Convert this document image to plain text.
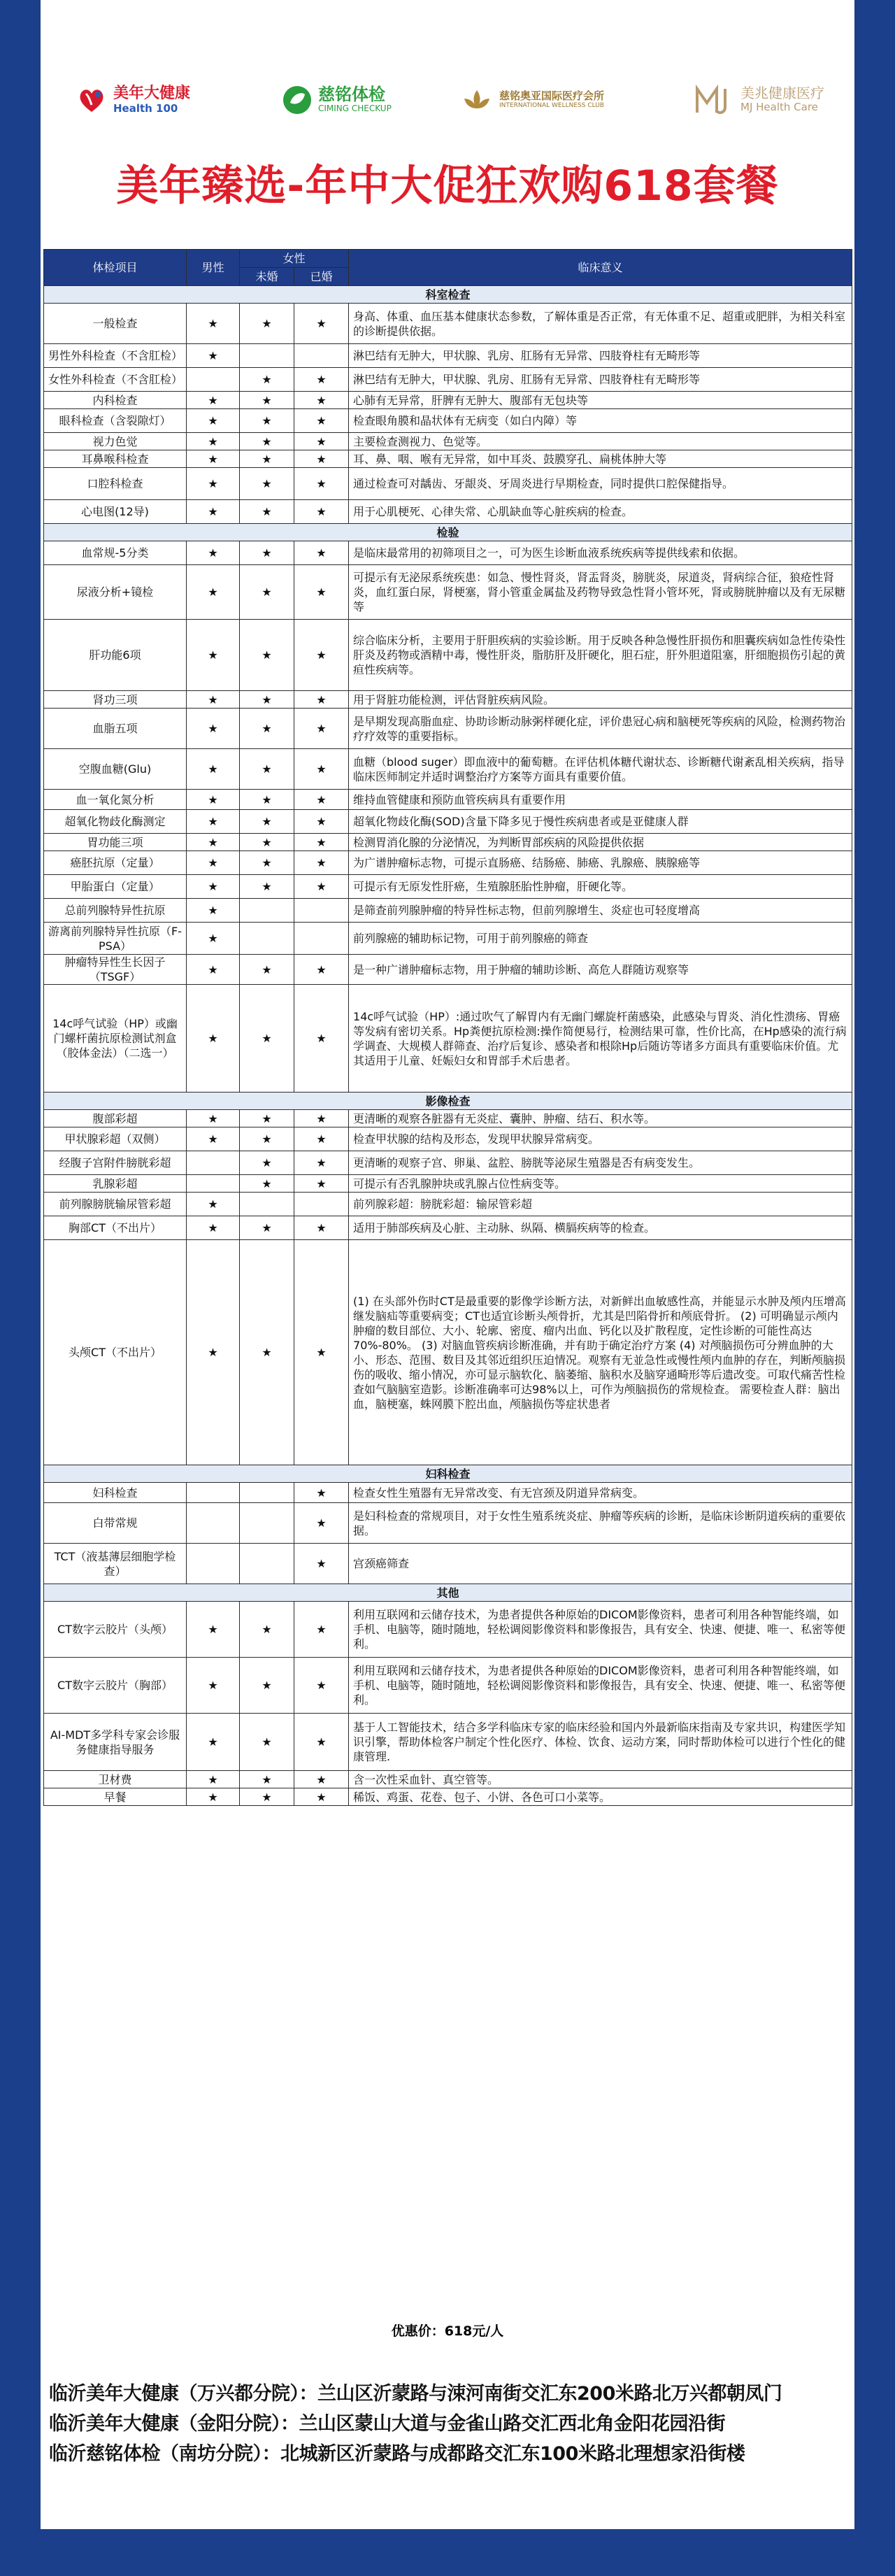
美年大健康
Health 100
慈铭体检
CIMING CHECKUP
慈铭奥亚国际医疗会所
INTERNATIONAL WELLNESS CLUB
美兆健康医疗
MJ Health Care
美年臻选-年中大促狂欢购618套餐
体检项目	男性	女性		临床意义
		未婚	已婚	
科室检查				
一般检查	★	★	★	身高、体重、血压基本健康状态参数，了解体重是否正常，有无体重不足、超重或肥胖，为相关科室的诊断提供依据。
男性外科检查（不含肛检）	★			淋巴结有无肿大，甲状腺、乳房、肛肠有无异常、四肢脊柱有无畸形等
女性外科检查（不含肛检）		★	★	淋巴结有无肿大，甲状腺、乳房、肛肠有无异常、四肢脊柱有无畸形等
内科检查	★	★	★	心肺有无异常，肝脾有无肿大、腹部有无包块等
眼科检查（含裂隙灯）	★	★	★	检查眼角膜和晶状体有无病变（如白内障）等
视力色觉	★	★	★	主要检查测视力、色觉等。
耳鼻喉科检查	★	★	★	耳、鼻、咽、喉有无异常，如中耳炎、鼓膜穿孔、扁桃体肿大等
口腔科检查	★	★	★	通过检查可对龋齿、牙龈炎、牙周炎进行早期检查，同时提供口腔保健指导。
心电图(12导)	★	★	★	用于心肌梗死、心律失常、心肌缺血等心脏疾病的检查。
检验				
血常规-5分类	★	★	★	是临床最常用的初筛项目之一，可为医生诊断血液系统疾病等提供线索和依据。
尿液分析+镜检	★	★	★	可提示有无泌尿系统疾患：如急、慢性肾炎，肾盂肾炎，膀胱炎，尿道炎，肾病综合征，狼疮性肾炎，血红蛋白尿，肾梗塞，肾小管重金属盐及药物导致急性肾小管坏死，肾或膀胱肿瘤以及有无尿糖等
肝功能6项	★	★	★	综合临床分析，主要用于肝胆疾病的实验诊断。用于反映各种急慢性肝损伤和胆囊疾病如急性传染性肝炎及药物或酒精中毒，慢性肝炎，脂肪肝及肝硬化，胆石症，肝外胆道阻塞，肝细胞损伤引起的黄疸性疾病等。
肾功三项	★	★	★	用于肾脏功能检测，评估肾脏疾病风险。
血脂五项	★	★	★	是早期发现高脂血症、协助诊断动脉粥样硬化症，评价患冠心病和脑梗死等疾病的风险，检测药物治疗疗效等的重要指标。
空腹血糖(Glu)	★	★	★	血糖（blood suger）即血液中的葡萄糖。在评估机体糖代谢状态、诊断糖代谢紊乱相关疾病，指导临床医师制定并适时调整治疗方案等方面具有重要价值。
血一氧化氮分析	★	★	★	维持血管健康和预防血管疾病具有重要作用
超氧化物歧化酶测定	★	★	★	超氧化物歧化酶(SOD)含量下降多见于慢性疾病患者或是亚健康人群
胃功能三项	★	★	★	检测胃消化腺的分泌情况，为判断胃部疾病的风险提供依据
癌胚抗原（定量）	★	★	★	为广谱肿瘤标志物，可提示直肠癌、结肠癌、肺癌、乳腺癌、胰腺癌等
甲胎蛋白（定量）	★	★	★	可提示有无原发性肝癌，生殖腺胚胎性肿瘤，肝硬化等。
总前列腺特异性抗原	★			是筛查前列腺肿瘤的特异性标志物，但前列腺增生、炎症也可轻度增高
游离前列腺特异性抗原（F-PSA）	★			前列腺癌的辅助标记物，可用于前列腺癌的筛查
肿瘤特异性生长因子（TSGF）	★	★	★	是一种广谱肿瘤标志物，用于肿瘤的辅助诊断、高危人群随访观察等
14c呼气试验（HP）或幽门螺杆菌抗原检测试剂盒（胶体金法）（二选一）	★	★	★	14c呼气试验（HP）:通过吹气了解胃内有无幽门螺旋杆菌感染，此感染与胃炎、消化性溃疡、胃癌等发病有密切关系。Hp粪便抗原检测:操作简便易行，检测结果可靠，性价比高，在Hp感染的流行病学调查、大规模人群筛查、治疗后复诊、感染者和根除Hp后随访等诸多方面具有重要临床价值。尤其适用于儿童、妊娠妇女和胃部手术后患者。
影像检查				
腹部彩超	★	★	★	更清晰的观察各脏器有无炎症、囊肿、肿瘤、结石、积水等。
甲状腺彩超（双侧）	★	★	★	检查甲状腺的结构及形态，发现甲状腺异常病变。
经腹子宫附件膀胱彩超		★	★	更清晰的观察子宫、卵巢、盆腔、膀胱等泌尿生殖器是否有病变发生。
乳腺彩超		★	★	可提示有否乳腺肿块或乳腺占位性病变等。
前列腺膀胱输尿管彩超	★			前列腺彩超：膀胱彩超：输尿管彩超
胸部CT（不出片）	★	★	★	适用于肺部疾病及心脏、主动脉、纵隔、横膈疾病等的检查。
头颅CT（不出片）	★	★	★	(1) 在头部外伤时CT是最重要的影像学诊断方法，对新鲜出血敏感性高，并能显示水肿及颅内压增高继发脑疝等重要病变；CT也适宜诊断头颅骨折，尤其是凹陷骨折和颅底骨折。 (2) 可明确显示颅内肿瘤的数目部位、大小、轮廓、密度、瘤内出血、钙化以及扩散程度，定性诊断的可能性高达70%-80%。 (3) 对脑血管疾病诊断准确，并有助于确定治疗方案 (4) 对颅脑损伤可分辨血肿的大小、形态、范围、数目及其邻近组织压迫情况。观察有无並急性或慢性颅内血肿的存在，判断颅脑损伤的吸收、缩小情况，亦可显示脑软化、脑萎缩、脑积水及脑穿通畸形等后遗改变。可取代痛苦性检查如气脑脑室造影。诊断准确率可达98%以上，可作为颅脑损伤的常规检查。 需要检查人群：脑出血，脑梗塞，蛛网膜下腔出血，颅脑损伤等症状患者
妇科检查				
妇科检查			★	检查女性生殖器有无异常改变、有无宫颈及阴道异常病变。
白带常规			★	是妇科检查的常规项目，对于女性生殖系统炎症、肿瘤等疾病的诊断，是临床诊断阴道疾病的重要依据。
TCT（液基薄层细胞学检查）			★	宫颈癌筛查
其他				
CT数字云胶片（头颅）	★	★	★	利用互联网和云储存技术，为患者提供各种原始的DICOM影像资料，患者可利用各种智能终端，如手机、电脑等，随时随地，轻松调阅影像资料和影像报告，具有安全、快速、便捷、唯一、私密等便利。
CT数字云胶片（胸部）	★	★	★	利用互联网和云储存技术，为患者提供各种原始的DICOM影像资料，患者可利用各种智能终端，如手机、电脑等，随时随地，轻松调阅影像资料和影像报告，具有安全、快速、便捷、唯一、私密等便利。
AI-MDT多学科专家会诊服务健康指导服务	★	★	★	基于人工智能技术，结合多学科临床专家的临床经验和国内外最新临床指南及专家共识，构建医学知识引擎，帮助体检客户制定个性化医疗、体检、饮食、运动方案，同时帮助体检可以进行个性化的健康管理.
卫材费	★	★	★	含一次性采血针、真空管等。
早餐	★	★	★	稀饭、鸡蛋、花卷、包子、小饼、各色可口小菜等。
优惠价：618元/人
临沂美年大健康（万兴都分院）：兰山区沂蒙路与涑河南街交汇东200米路北万兴都朝凤门
临沂美年大健康（金阳分院）：兰山区蒙山大道与金雀山路交汇西北角金阳花园沿街
临沂慈铭体检（南坊分院）：北城新区沂蒙路与成都路交汇东100米路北理想家沿街楼
